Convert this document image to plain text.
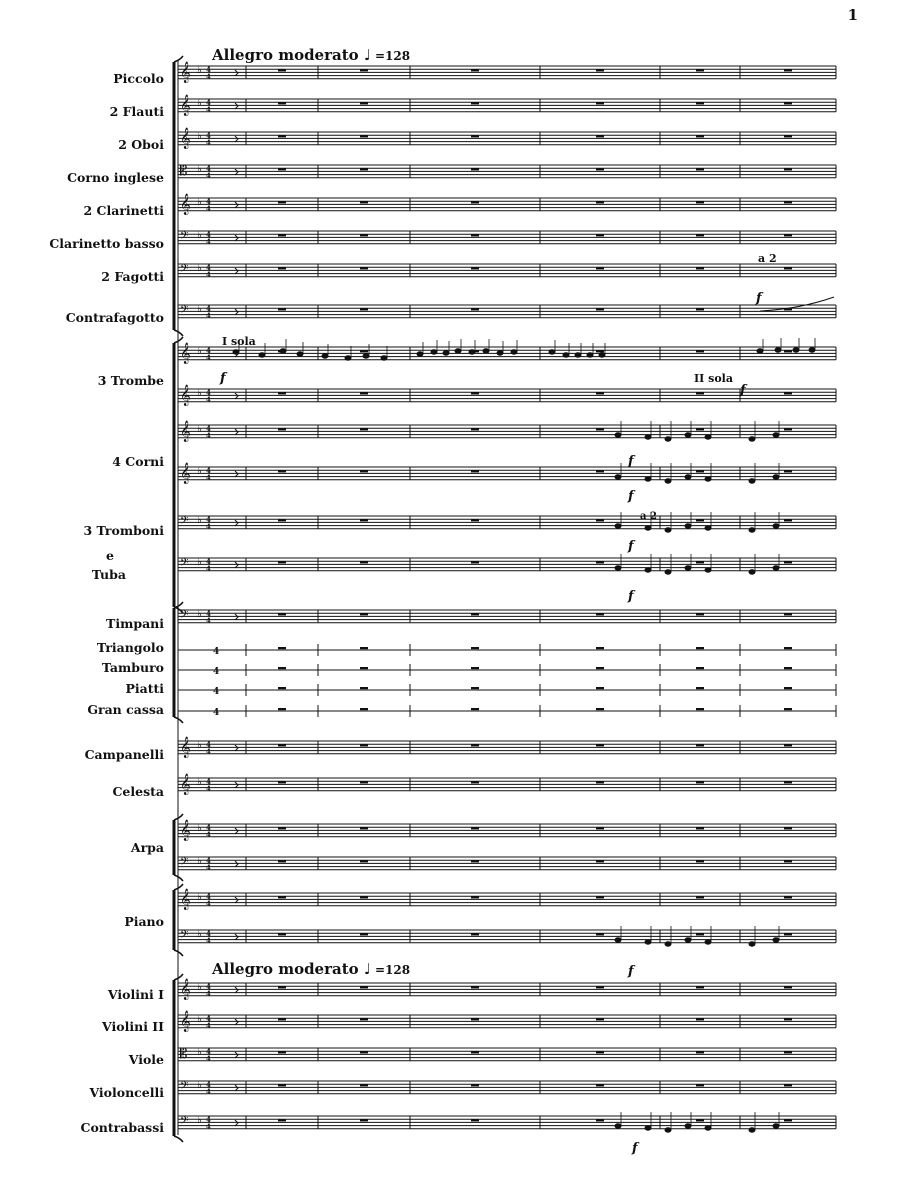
1
Allegro moderato ♩ =128
Allegro moderato ♩ =128
Piccolo
2 Flauti
2 Oboi
Corno inglese
2 Clarinetti
Clarinetto basso
2 Fagotti
Contrafagotto
3 Trombe
4 Corni
3 Tromboni
e
Tuba
Timpani
Triangolo
Tamburo
Piatti
Gran cassa
Campanelli
Celesta
Arpa
Piano
Violini I
Violini II
Viole
Violoncelli
Contrabassi
𝄞 ♭ 4
4
𝄞 ♭ 4
4
𝄞 ♭ 4
4
𝄡 ♭ 4
4
𝄞 ♭ 4
4
𝄢 ♭ 4
4
𝄢 ♭ 4
4
𝄢 ♭ 4
4
𝄞 ♭ 4
4
𝄞 ♭ 4
4
𝄞 ♭ 4
4
𝄞 ♭ 4
4
𝄢 ♭ 4
4
𝄢 ♭ 4
4
𝄢 ♭ 4
4
𝄞 ♭ 4
4
𝄞 ♭ 4
4
𝄞 ♭ 4
4
𝄢 ♭ 4
4
𝄞 ♭ 4
4
𝄢 ♭ 4
4
𝄞 ♭ 4
4
𝄞 ♭ 4
4
𝄡 ♭ 4
4
𝄢 ♭ 4
4
𝄢 ♭ 4
4
4
4
4
4
I sola
II sola
a 2
a 2
f
f
f
f
f
f
f
f
f
